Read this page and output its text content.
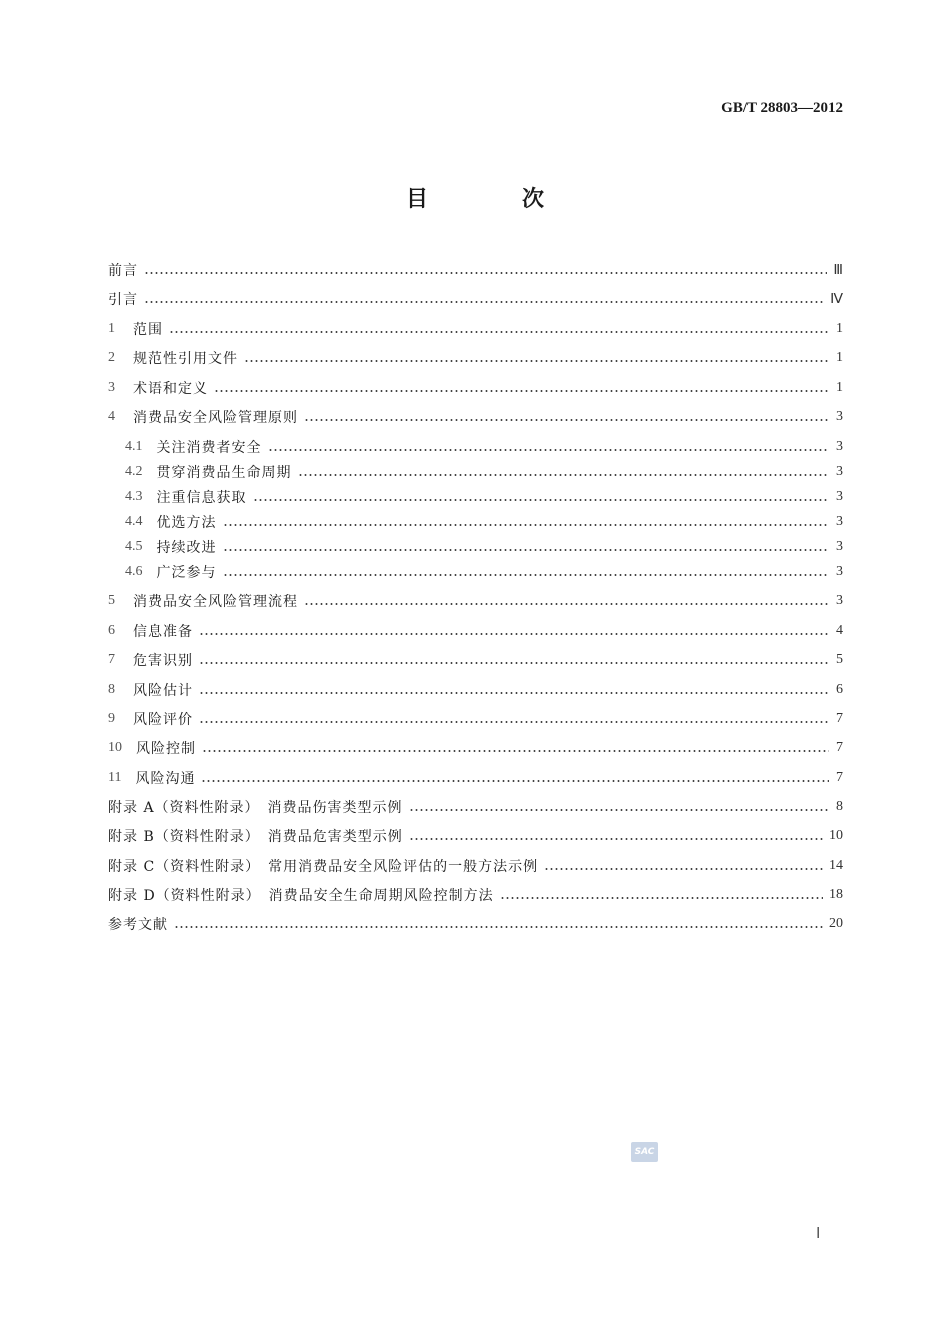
GB/T 28803—2012
目　次
前言	Ⅲ
引言	Ⅳ
1 范围	1
2 规范性引用文件	1
3 术语和定义	1
4 消费品安全风险管理原则	3
4.1 关注消费者安全	3
4.2 贯穿消费品生命周期	3
4.3 注重信息获取	3
4.4 优选方法	3
4.5 持续改进	3
4.6 广泛参与	3
5 消费品安全风险管理流程	3
6 信息准备	4
7 危害识别	5
8 风险估计	6
9 风险评价	7
10 风险控制	7
11 风险沟通	7
附录 A（资料性附录）　消费品伤害类型示例	8
附录 B（资料性附录）　消费品危害类型示例	10
附录 C（资料性附录）　常用消费品安全风险评估的一般方法示例	14
附录 D（资料性附录）　消费品安全生命周期风险控制方法	18
参考文献	20
SAC
Ⅰ
